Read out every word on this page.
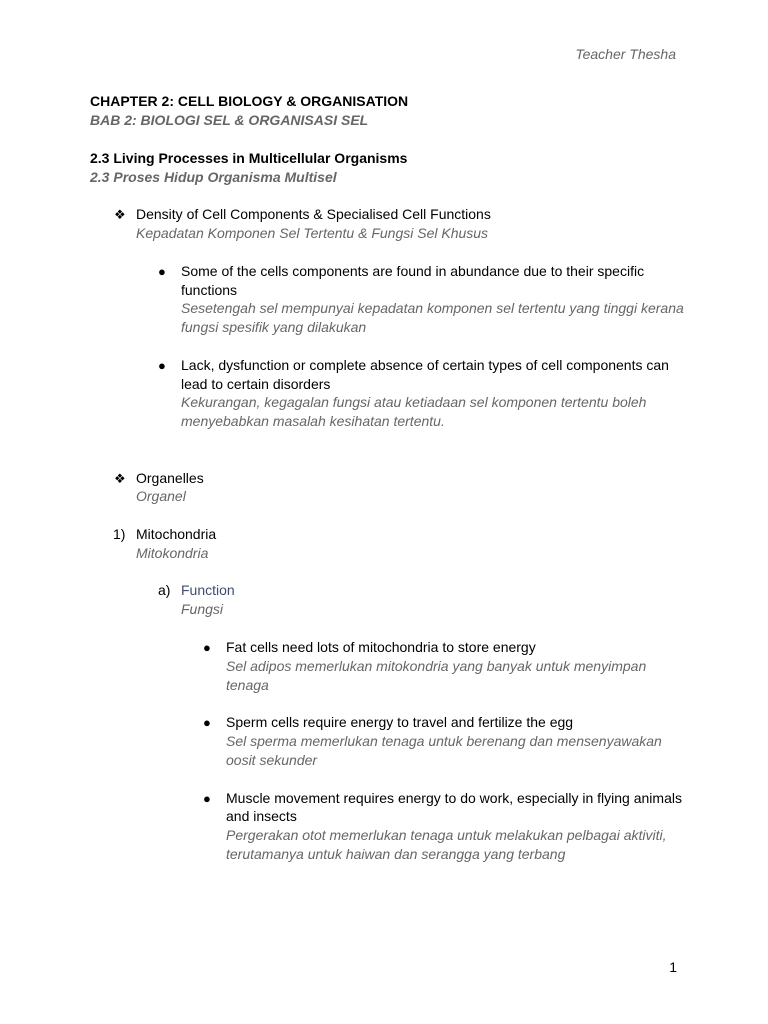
Teacher Thesha
CHAPTER 2: CELL BIOLOGY & ORGANISATION
BAB 2: BIOLOGI SEL & ORGANISASI SEL
2.3 Living Processes in Multicellular Organisms
2.3 Proses Hidup Organisma Multisel
❖ Density of Cell Components & Specialised Cell Functions
Kepadatan Komponen Sel Tertentu & Fungsi Sel Khusus
● Some of the cells components are found in abundance due to their specific
functions
Sesetengah sel mempunyai kepadatan komponen sel tertentu yang tinggi kerana
fungsi spesifik yang dilakukan
● Lack, dysfunction or complete absence of certain types of cell components can
lead to certain disorders
Kekurangan, kegagalan fungsi atau ketiadaan sel komponen tertentu boleh
menyebabkan masalah kesihatan tertentu.
❖ Organelles
Organel
1) Mitochondria
Mitokondria
a) Function
Fungsi
● Fat cells need lots of mitochondria to store energy
Sel adipos memerlukan mitokondria yang banyak untuk menyimpan
tenaga
● Sperm cells require energy to travel and fertilize the egg
Sel sperma memerlukan tenaga untuk berenang dan mensenyawakan
oosit sekunder
● Muscle movement requires energy to do work, especially in flying animals
and insects
Pergerakan otot memerlukan tenaga untuk melakukan pelbagai aktiviti,
terutamanya untuk haiwan dan serangga yang terbang
1
